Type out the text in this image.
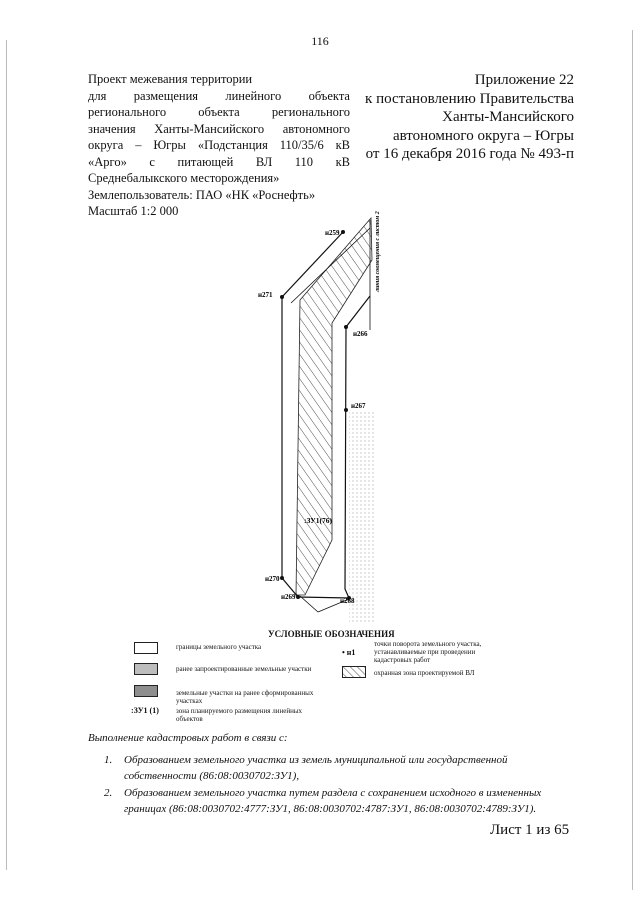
116
Проект межевания территории
для размещения линейного объекта
регионального объекта регионального
значения Ханты-Мансийского автономного
округа – Югры «Подстанция 110/35/6 кВ
«Арго» с питающей ВЛ 110 кВ
Среднебалыкского месторождения»
Землепользователь: ПАО «НК «Роснефть»
Масштаб 1:2 000
Приложение 22
к постановлению Правительства
Ханты-Мансийского
автономного округа – Югры
от 16 декабря 2016 года № 493-п
н259
н271
н266
н267
н270
н269	н268
:ЗУ1(76)
линия совмещения с листом 2
УСЛОВНЫЕ ОБОЗНАЧЕНИЯ
границы земельного участка
ранее запроектированные земельные участки
земельные участки на ранее сформированных
участках
:ЗУ1 (1) зона планируемого размещения линейных
объектов
• н1
точки поворота земельного участка,
устанавливаемые при проведении
кадастровых работ
охранная зона проектируемой ВЛ
Выполнение кадастровых работ в связи с:
1. Образованием земельного участка из земель муниципальной или государственной
собственности (86:08:0030702:ЗУ1),
2. Образованием земельного участка путем раздела с сохранением исходного в измененных
границах (86:08:0030702:4777:ЗУ1, 86:08:0030702:4787:ЗУ1, 86:08:0030702:4789:ЗУ1).
Лист 1 из 65
